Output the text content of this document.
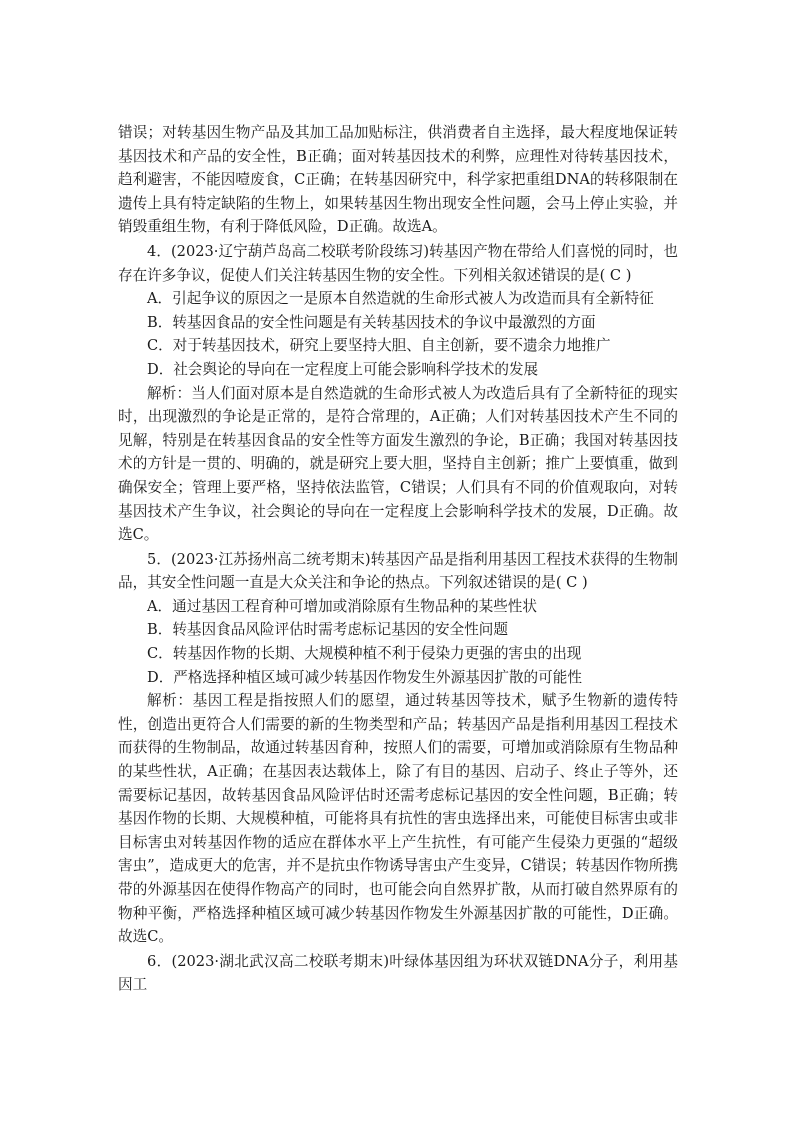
错误；对转基因生物产品及其加工品加贴标注，供消费者自主选择，最大程度地保证转基因技术和产品的安全性，B正确；面对转基因技术的利弊，应理性对待转基因技术，趋利避害，不能因噎废食，C正确；在转基因研究中，科学家把重组DNA的转移限制在遗传上具有特定缺陷的生物上，如果转基因生物出现安全性问题，会马上停止实验，并销毁重组生物，有利于降低风险，D正确。故选A。

4．(2023·辽宁葫芦岛高二校联考阶段练习)转基因产物在带给人们喜悦的同时，也存在许多争议，促使人们关注转基因生物的安全性。下列相关叙述错误的是( C )

A．引起争议的原因之一是原本自然造就的生命形式被人为改造而具有全新特征

B．转基因食品的安全性问题是有关转基因技术的争议中最激烈的方面

C．对于转基因技术，研究上要坚持大胆、自主创新，要不遗余力地推广

D．社会舆论的导向在一定程度上可能会影响科学技术的发展

解析：当人们面对原本是自然造就的生命形式被人为改造后具有了全新特征的现实时，出现激烈的争论是正常的，是符合常理的，A正确；人们对转基因技术产生不同的见解，特别是在转基因食品的安全性等方面发生激烈的争论，B正确；我国对转基因技术的方针是一贯的、明确的，就是研究上要大胆，坚持自主创新；推广上要慎重，做到确保安全；管理上要严格，坚持依法监管，C错误；人们具有不同的价值观取向，对转基因技术产生争议，社会舆论的导向在一定程度上会影响科学技术的发展，D正确。故选C。

5．(2023·江苏扬州高二统考期末)转基因产品是指利用基因工程技术获得的生物制品，其安全性问题一直是大众关注和争论的热点。下列叙述错误的是( C )

A．通过基因工程育种可增加或消除原有生物品种的某些性状

B．转基因食品风险评估时需考虑标记基因的安全性问题

C．转基因作物的长期、大规模种植不利于侵染力更强的害虫的出现

D．严格选择种植区域可减少转基因作物发生外源基因扩散的可能性

解析：基因工程是指按照人们的愿望，通过转基因等技术，赋予生物新的遗传特性，创造出更符合人们需要的新的生物类型和产品；转基因产品是指利用基因工程技术而获得的生物制品，故通过转基因育种，按照人们的需要，可增加或消除原有生物品种的某些性状，A正确；在基因表达载体上，除了有目的基因、启动子、终止子等外，还需要标记基因，故转基因食品风险评估时还需考虑标记基因的安全性问题，B正确；转基因作物的长期、大规模种植，可能将具有抗性的害虫选择出来，可能使目标害虫或非目标害虫对转基因作物的适应在群体水平上产生抗性，有可能产生侵染力更强的“超级害虫”，造成更大的危害，并不是抗虫作物诱导害虫产生变异，C错误；转基因作物所携带的外源基因在使得作物高产的同时，也可能会向自然界扩散，从而打破自然界原有的物种平衡，严格选择种植区域可减少转基因作物发生外源基因扩散的可能性，D正确。故选C。

6．(2023·湖北武汉高二校联考期末)叶绿体基因组为环状双链DNA分子，利用基因工
